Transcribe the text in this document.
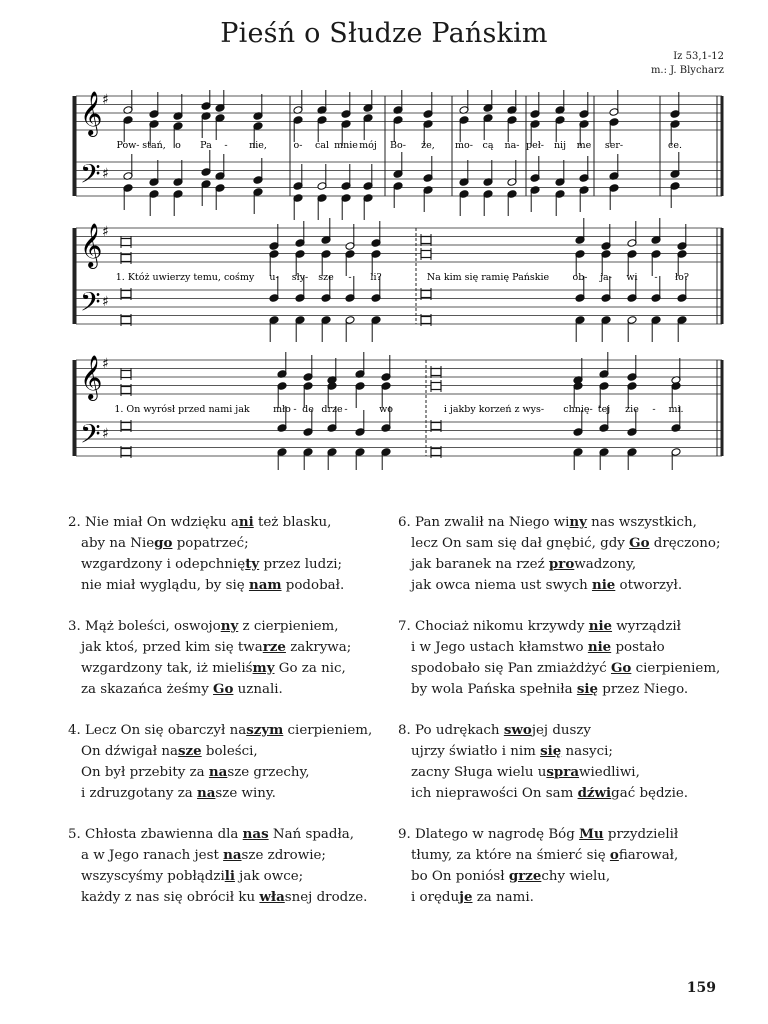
Pieśń o Słudze Pańskim
Iz 53,1-12
m.: J. Blycharz
𝄞
𝄢
♯
♯
Pow- stań, o Pa - nie,	o- cal mnie mój Bo- że, mo- cą na- peł- nij me ser-	ce.
𝄞
𝄢
♯
♯
1. Któż uwierzy temu, cośmy u- sły- sze - li?	Na kim się ramię Pańskie ob- ja- wi - ło?
𝄞
𝄢
♯
♯
1. On wyrósł przed nami jak mło - de drze -	wo	i jakby korzeń z wys- chnię- tej zie - mi.
2. Nie miał On wdzięku ani też blasku,
aby na Niego popatrzeć;
wzgardzony i odepchnięty przez ludzi;
nie miał wyglądu, by się nam podobał.
3. Mąż boleści, oswojony z cierpieniem,
jak ktoś, przed kim się twarze zakrywa;
wzgardzony tak, iż mieliśmy Go za nic,
za skazańca żeśmy Go uznali.
4. Lecz On się obarczył naszym cierpieniem,
On dźwigał nasze boleści,
On był przebity za nasze grzechy,
i zdruzgotany za nasze winy.
5. Chłosta zbawienna dla nas Nań spadła,
a w Jego ranach jest nasze zdrowie;
wszyscyśmy pobłądzili jak owce;
każdy z nas się obrócił ku własnej drodze.
6. Pan zwalił na Niego winy nas wszystkich,
lecz On sam się dał gnębić, gdy Go dręczono;
jak baranek na rzeź prowadzony,
jak owca niema ust swych nie otworzył.
7. Chociaż nikomu krzywdy nie wyrządził
i w Jego ustach kłamstwo nie postało
spodobało się Pan zmiażdżyć Go cierpieniem,
by wola Pańska spełniła się przez Niego.
8. Po udrękach swojej duszy
ujrzy światło i nim się nasyci;
zacny Sługa wielu usprawiedliwi,
ich nieprawości On sam dźwigać będzie.
9. Dlatego w nagrodę Bóg Mu przydzielił
tłumy, za które na śmierć się ofiarował,
bo On poniósł grzechy wielu,
i oręduje za nami.
159
